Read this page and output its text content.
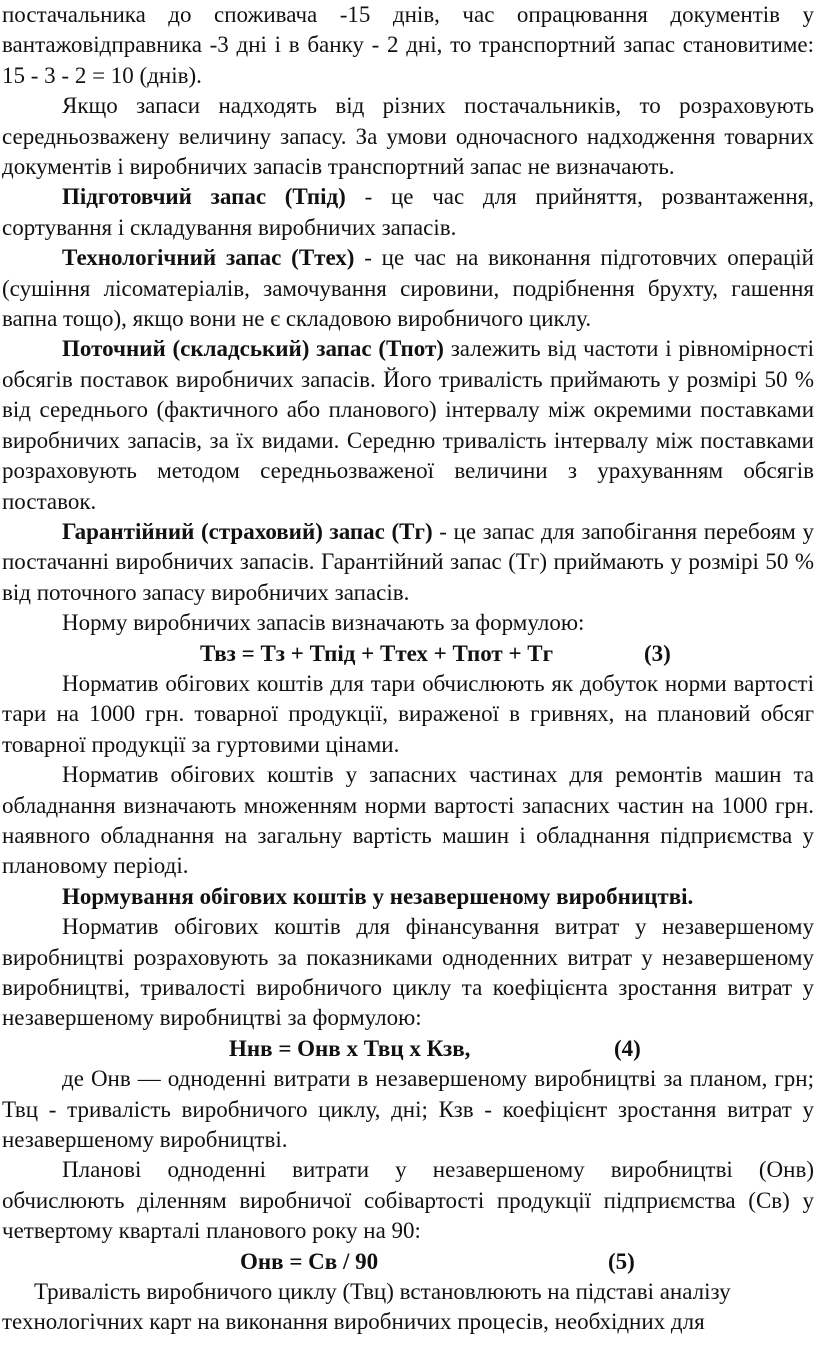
постачальника до споживача -15 днів, час опрацювання документів у вантажовідправника -3 дні і в банку - 2 дні, то транспортний запас становитиме: 15 - 3 - 2 = 10 (днів).

Якщо запаси надходять від різних постачальників, то розраховують середньозважену величину запасу. За умови одночасного надходження товарних документів і виробничих запасів транспортний запас не визначають.

Підготовчий запас (Тпід) - це час для прийняття, розвантаження, сортування і складування виробничих запасів.

Технологічний запас (Ттех) - це час на виконання підготовчих операцій (сушіння лісоматеріалів, замочування сировини, подрібнення брухту, гашення вапна тощо), якщо вони не є складовою виробничого циклу.

Поточний (складський) запас (Тпот) залежить від частоти і рівномірності обсягів поставок виробничих запасів. Його тривалість приймають у розмірі 50 % від середнього (фактичного або планового) інтервалу між окремими поставками виробничих запасів, за їх видами. Середню тривалість інтервалу між поставками розраховують методом середньозваженої величини з урахуванням обсягів поставок.

Гарантійний (страховий) запас (Тг) - це запас для запобігання перебоям у постачанні виробничих запасів. Гарантійний запас (Тг) приймають у розмірі 50 % від поточного запасу виробничих запасів.

Норму виробничих запасів визначають за формулою:

Твз = Тз + Тпід + Ттех + Тпот + Тг

	(3)

Норматив обігових коштів для тари обчислюють як добуток норми вартості тари на 1000 грн. товарної продукції, вираженої в гривнях, на плановий обсяг товарної продукції за гуртовими цінами.

Норматив обігових коштів у запасних частинах для ремонтів машин та обладнання визначають множенням норми вартості запасних частин на 1000 грн. наявного обладнання на загальну вартість машин і обладнання підприємства у плановому періоді.

Нормування обігових коштів у незавершеному виробництві.

Норматив обігових коштів для фінансування витрат у незавершеному виробництві розраховують за показниками одноденних витрат у незавершеному виробництві, тривалості виробничого циклу та коефіцієнта зростання витрат у незавершеному виробництві за формулою:

Ннв = Онв х Твц х Кзв,

	(4)

де Онв — одноденні витрати в незавершеному виробництві за планом, грн; Твц - тривалість виробничого циклу, дні; Кзв - коефіцієнт зростання витрат у незавершеному виробництві.

Планові одноденні витрати у незавершеному виробництві (Онв) обчислюють діленням виробничої собівартості продукції підприємства (Св) у четвертому кварталі планового року на 90:

Онв = Св / 90

	(5)

Тривалість виробничого циклу (Твц) встановлюють на підставі аналізу
технологічних карт на виконання виробничих процесів, необхідних для
